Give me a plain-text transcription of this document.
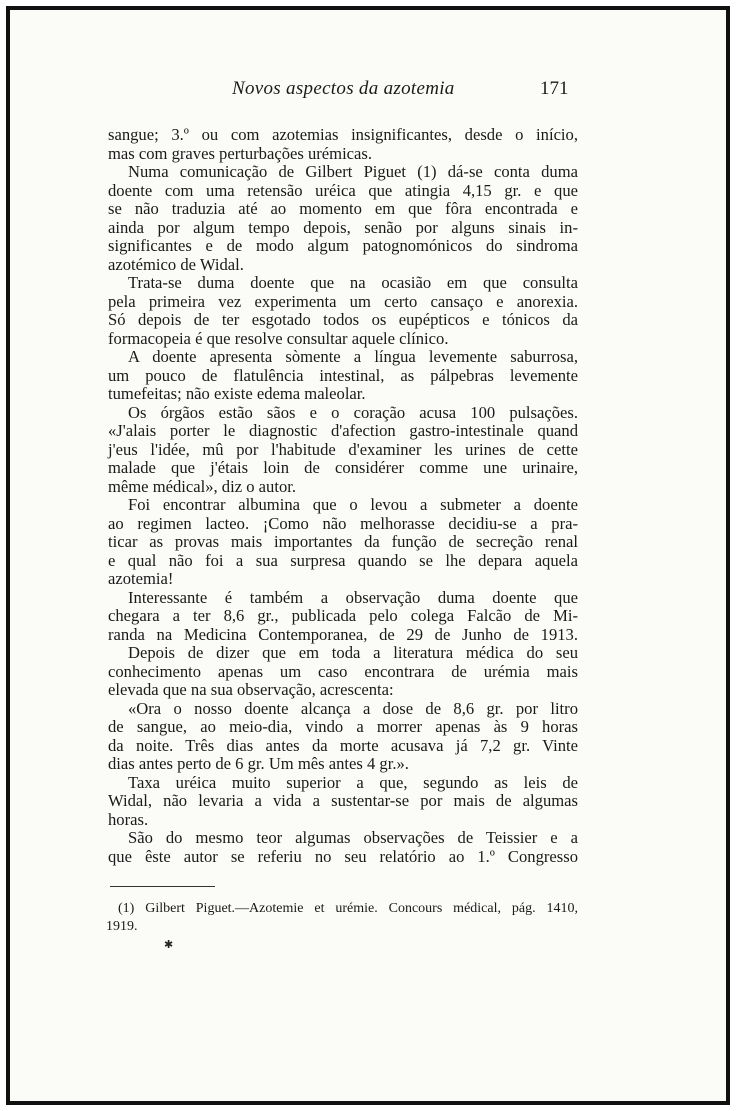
Novos aspectos da azotemia	171
sangue; 3.º ou com azotemias insignificantes, desde o início,
mas com graves perturbações urémicas.
Numa comunicação de Gilbert Piguet (1) dá-se conta duma
doente com uma retensão uréica que atingia 4,15 gr. e que
se não traduzia até ao momento em que fôra encontrada e
ainda por algum tempo depois, senão por alguns sinais in-
significantes e de modo algum patognomónicos do sindroma
azotémico de Widal.
Trata-se duma doente que na ocasião em que consulta
pela primeira vez experimenta um certo cansaço e anorexia.
Só depois de ter esgotado todos os eupépticos e tónicos da
formacopeia é que resolve consultar aquele clínico.
A doente apresenta sòmente a língua levemente saburrosa,
um pouco de flatulência intestinal, as pálpebras levemente
tumefeitas; não existe edema maleolar.
Os órgãos estão sãos e o coração acusa 100 pulsações.
«J'alais porter le diagnostic d'afection gastro-intestinale quand
j'eus l'idée, mû por l'habitude d'examiner les urines de cette
malade que j'étais loin de considérer comme une urinaire,
même médical», diz o autor.
Foi encontrar albumina que o levou a submeter a doente
ao regimen lacteo. ¡Como não melhorasse decidiu-se a pra-
ticar as provas mais importantes da função de secreção renal
e qual não foi a sua surpresa quando se lhe depara aquela
azotemia!
Interessante é também a observação duma doente que
chegara a ter 8,6 gr., publicada pelo colega Falcão de Mi-
randa na Medicina Contemporanea, de 29 de Junho de 1913.
Depois de dizer que em toda a literatura médica do seu
conhecimento apenas um caso encontrara de urémia mais
elevada que na sua observação, acrescenta:
«Ora o nosso doente alcança a dose de 8,6 gr. por litro
de sangue, ao meio-dia, vindo a morrer apenas às 9 horas
da noite. Três dias antes da morte acusava já 7,2 gr. Vinte
dias antes perto de 6 gr. Um mês antes 4 gr.».
Taxa uréica muito superior a que, segundo as leis de
Widal, não levaria a vida a sustentar-se por mais de algumas
horas.
São do mesmo teor algumas observações de Teissier e a
que êste autor se referiu no seu relatório ao 1.º Congresso
(1) Gilbert Piguet.—Azotemie et urémie. Concours médical, pág. 1410,
1919.
✱
